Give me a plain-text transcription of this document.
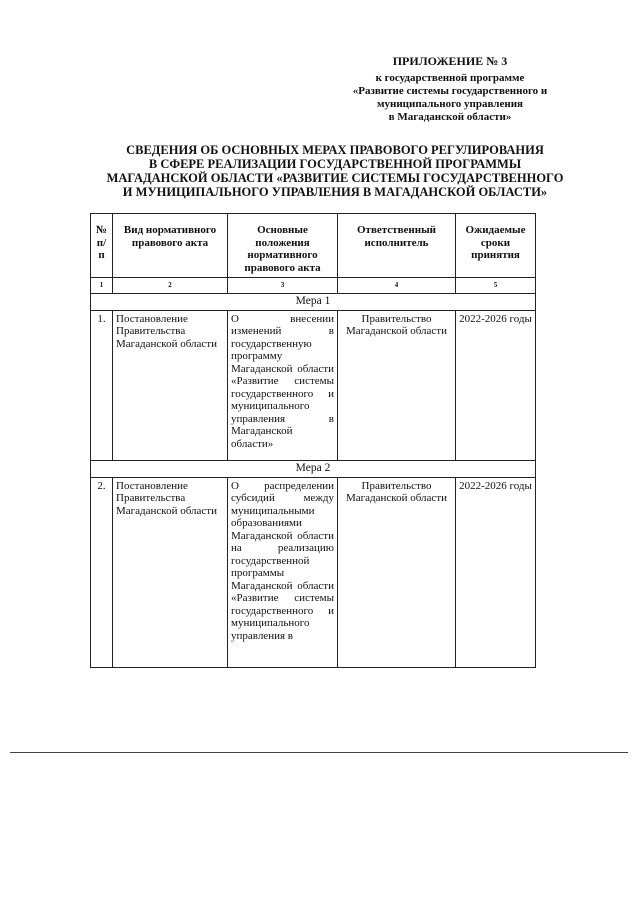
ПРИЛОЖЕНИЕ № 3
к государственной программе
«Развитие системы государственного и
муниципального управления
в Магаданской области»
СВЕДЕНИЯ ОБ ОСНОВНЫХ МЕРАХ ПРАВОВОГО РЕГУЛИРОВАНИЯ
В СФЕРЕ РЕАЛИЗАЦИИ ГОСУДАРСТВЕННОЙ ПРОГРАММЫ
МАГАДАНСКОЙ ОБЛАСТИ «РАЗВИТИЕ СИСТЕМЫ ГОСУДАРСТВЕННОГО
И МУНИЦИПАЛЬНОГО УПРАВЛЕНИЯ В МАГАДАНСКОЙ ОБЛАСТИ»
№ п/п	Вид нормативного правового акта	Основные положения нормативного правового акта	Ответственный исполнитель	Ожидаемые сроки принятия
1	2	3	4	5
Мера 1				
1.	Постановление Правительства Магаданской области	О внесении изменений в государственную программу Магаданской области «Развитие системы государственного и муниципального управления в Магаданской области»	Правительство Магаданской области	2022-2026 годы
Мера 2				
2.	Постановление Правительства Магаданской области	О распределении субсидий между муниципальными образованиями Магаданской области на реализацию государственной программы Магаданской области «Развитие системы государственного и муниципального управления в	Правительство Магаданской области	2022-2026 годы
